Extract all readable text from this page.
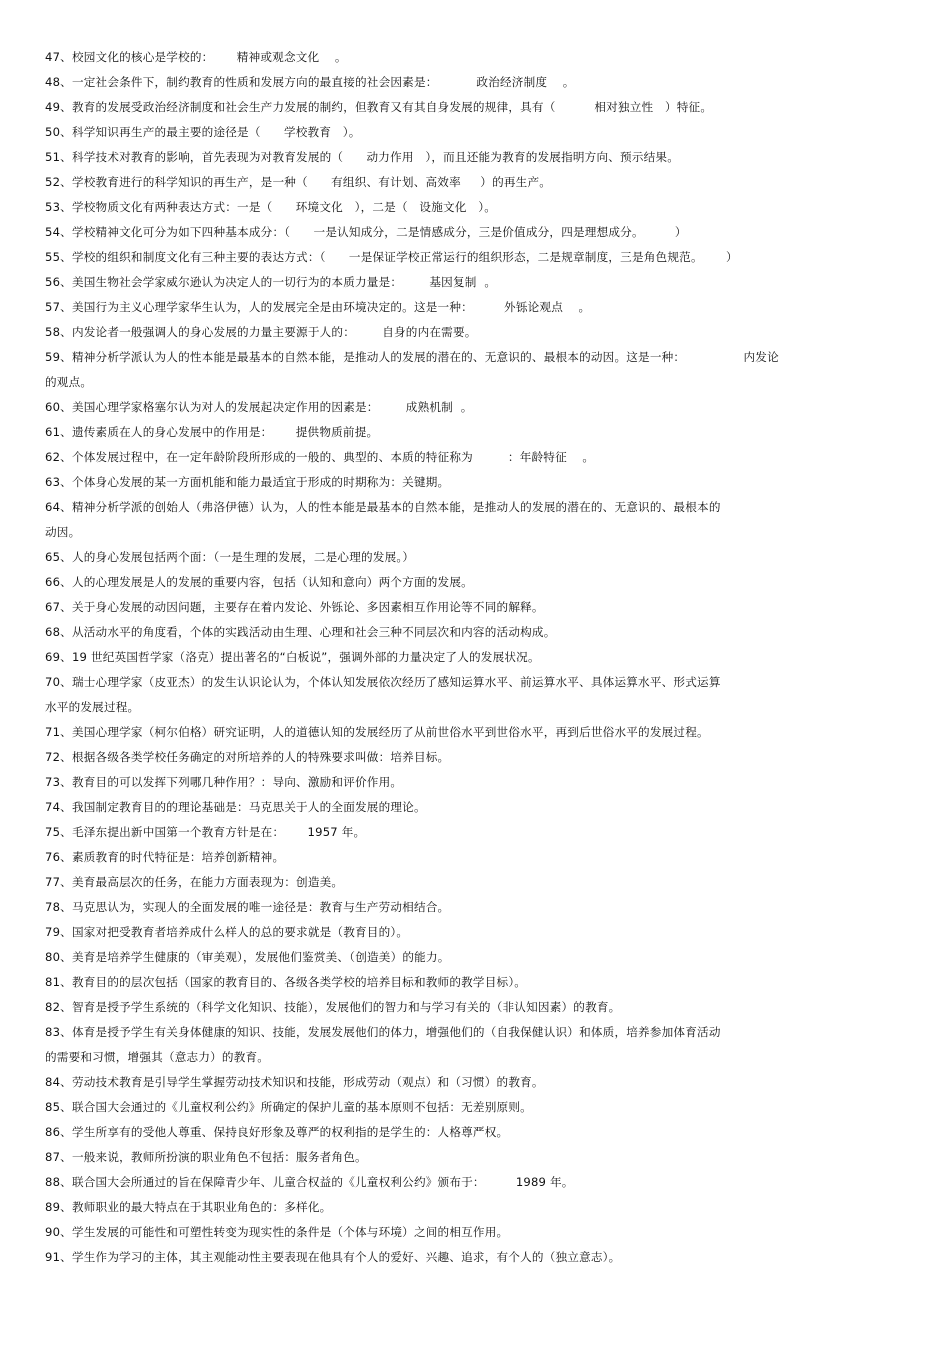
47、校园文化的核心是学校的：      精神或观念文化    。
48、一定社会条件下，制约教育的性质和发展方向的最直接的社会因素是：          政治经济制度    。
49、教育的发展受政治经济制度和社会生产力发展的制约，但教育又有其自身发展的规律，具有（          相对独立性   ）特征。
50、科学知识再生产的最主要的途径是（      学校教育   ）。
51、科学技术对教育的影响，首先表现为对教育发展的（      动力作用   ），而且还能为教育的发展指明方向、预示结果。
52、学校教育进行的科学知识的再生产，是一种（      有组织、有计划、高效率     ）的再生产。
53、学校物质文化有两种表达方式：一是（      环境文化   ），二是（   设施文化   ）。
54、学校精神文化可分为如下四种基本成分：（      一是认知成分，二是情感成分，三是价值成分，四是理想成分。        ）
55、学校的组织和制度文化有三种主要的表达方式：（      一是保证学校正常运行的组织形态，二是规章制度，三是角色规范。      ）
56、美国生物社会学家威尔逊认为决定人的一切行为的本质力量是：       基因复制  。
57、美国行为主义心理学家华生认为，人的发展完全是由环境决定的。这是一种：        外铄论观点    。
58、内发论者一般强调人的身心发展的力量主要源于人的：       自身的内在需要。
59、精神分析学派认为人的性本能是最基本的自然本能，是推动人的发展的潜在的、无意识的、最根本的动因。这是一种：               内发论
的观点。
60、美国心理学家格塞尔认为对人的发展起决定作用的因素是：       成熟机制  。
61、遗传素质在人的身心发展中的作用是：      提供物质前提。
62、个体发展过程中，在一定年龄阶段所形成的一般的、典型的、本质的特征称为         ：年龄特征    。
63、个体身心发展的某一方面机能和能力最适宜于形成的时期称为：关键期。
64、精神分析学派的创始人（弗洛伊德）认为，人的性本能是最基本的自然本能，是推动人的发展的潜在的、无意识的、最根本的
动因。
65、人的身心发展包括两个面：（一是生理的发展，二是心理的发展。）
66、人的心理发展是人的发展的重要内容，包括（认知和意向）两个方面的发展。
67、关于身心发展的动因问题，主要存在着内发论、外铄论、多因素相互作用论等不同的解释。
68、从活动水平的角度看，个体的实践活动由生理、心理和社会三种不同层次和内容的活动构成。
69、19 世纪英国哲学家（洛克）提出著名的“白板说”，强调外部的力量决定了人的发展状况。
70、瑞士心理学家（皮亚杰）的发生认识论认为，个体认知发展依次经历了感知运算水平、前运算水平、具体运算水平、形式运算
水平的发展过程。
71、美国心理学家（柯尔伯格）研究证明，人的道德认知的发展经历了从前世俗水平到世俗水平，再到后世俗水平的发展过程。
72、根据各级各类学校任务确定的对所培养的人的特殊要求叫做：培养目标。
73、教育目的可以发挥下列哪几种作用？：导向、激励和评价作用。
74、我国制定教育目的的理论基础是：马克思关于人的全面发展的理论。
75、毛泽东提出新中国第一个教育方针是在：      1957 年。
76、素质教育的时代特征是：培养创新精神。
77、美育最高层次的任务，在能力方面表现为：创造美。
78、马克思认为，实现人的全面发展的唯一途径是：教育与生产劳动相结合。
79、国家对把受教育者培养成什么样人的总的要求就是（教育目的）。
80、美育是培养学生健康的（审美观），发展他们鉴赏美、（创造美）的能力。
81、教育目的的层次包括（国家的教育目的、各级各类学校的培养目标和教师的教学目标）。
82、智育是授予学生系统的（科学文化知识、技能），发展他们的智力和与学习有关的（非认知因素）的教育。
83、体育是授予学生有关身体健康的知识、技能，发展发展他们的体力，增强他们的（自我保健认识）和体质，培养参加体育活动
的需要和习惯，增强其（意志力）的教育。
84、劳动技术教育是引导学生掌握劳动技术知识和技能，形成劳动（观点）和（习惯）的教育。
85、联合国大会通过的《儿童权利公约》所确定的保护儿童的基本原则不包括：无差别原则。
86、学生所享有的受他人尊重、保持良好形象及尊严的权利指的是学生的：人格尊严权。
87、一般来说，教师所扮演的职业角色不包括：服务者角色。
88、联合国大会所通过的旨在保障青少年、儿童合权益的《儿童权利公约》颁布于：        1989 年。
89、教师职业的最大特点在于其职业角色的：多样化。
90、学生发展的可能性和可塑性转变为现实性的条件是（个体与环境）之间的相互作用。
91、学生作为学习的主体，其主观能动性主要表现在他具有个人的爱好、兴趣、追求，有个人的（独立意志）。
